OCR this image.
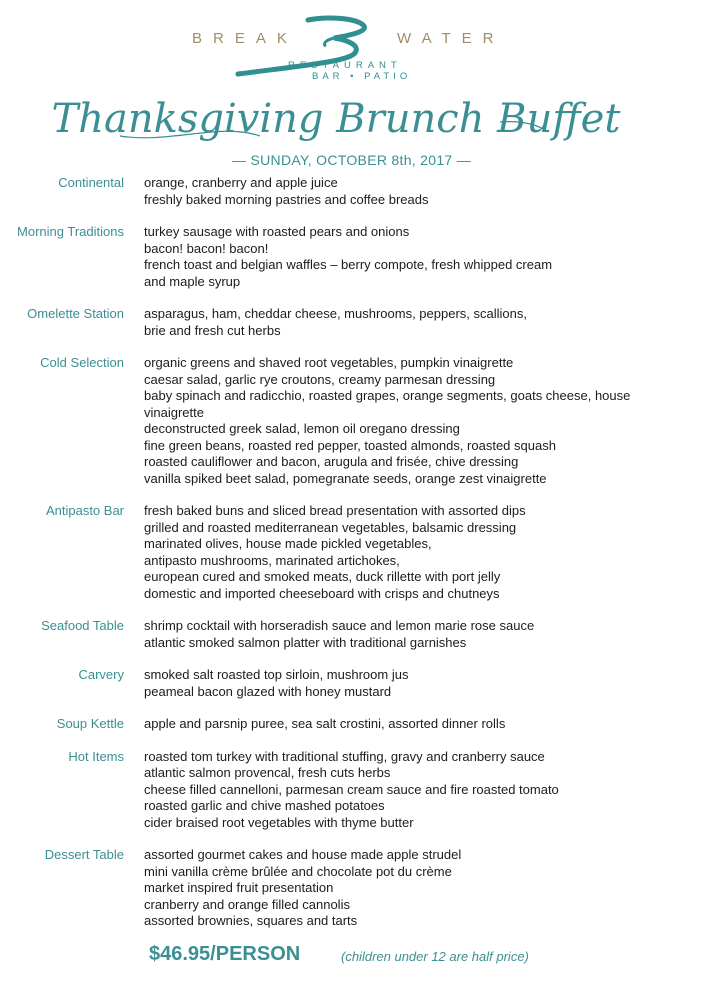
BREAK	WATER
RESTAURANT
BAR • PATIO
Thanksgiving Brunch Buffet
— SUNDAY, OCTOBER 8th, 2017 —
Continental	orange, cranberry and apple juice
freshly baked morning pastries and coffee breads
Morning Traditions	turkey sausage with roasted pears and onions
bacon! bacon! bacon!
french toast and belgian waffles – berry compote, fresh whipped cream
and maple syrup
Omelette Station	asparagus, ham, cheddar cheese, mushrooms, peppers, scallions,
brie and fresh cut herbs
Cold Selection	organic greens and shaved root vegetables, pumpkin vinaigrette
caesar salad, garlic rye croutons, creamy parmesan dressing
baby spinach and radicchio, roasted grapes, orange segments, goats cheese, house
vinaigrette
deconstructed greek salad, lemon oil oregano dressing
fine green beans, roasted red pepper, toasted almonds, roasted squash
roasted cauliflower and bacon, arugula and frisée, chive dressing
vanilla spiked beet salad, pomegranate seeds, orange zest vinaigrette
Antipasto Bar	fresh baked buns and sliced bread presentation with assorted dips
grilled and roasted mediterranean vegetables, balsamic dressing
marinated olives, house made pickled vegetables,
antipasto mushrooms, marinated artichokes,
european cured and smoked meats, duck rillette with port jelly
domestic and imported cheeseboard with crisps and chutneys
Seafood Table	shrimp cocktail with horseradish sauce and lemon marie rose sauce
atlantic smoked salmon platter with traditional garnishes
Carvery	smoked salt roasted top sirloin, mushroom jus
peameal bacon glazed with honey mustard
Soup Kettle	apple and parsnip puree, sea salt crostini, assorted dinner rolls
Hot Items	roasted tom turkey with traditional stuffing, gravy and cranberry sauce
atlantic salmon provencal, fresh cuts herbs
cheese filled cannelloni, parmesan cream sauce and fire roasted tomato
roasted garlic and chive mashed potatoes
cider braised root vegetables with thyme butter
Dessert Table	assorted gourmet cakes and house made apple strudel
mini vanilla crème brûlée and chocolate pot du crème
market inspired fruit presentation
cranberry and orange filled cannolis
assorted brownies, squares and tarts
$46.95/PERSON	(children under 12 are half price)
